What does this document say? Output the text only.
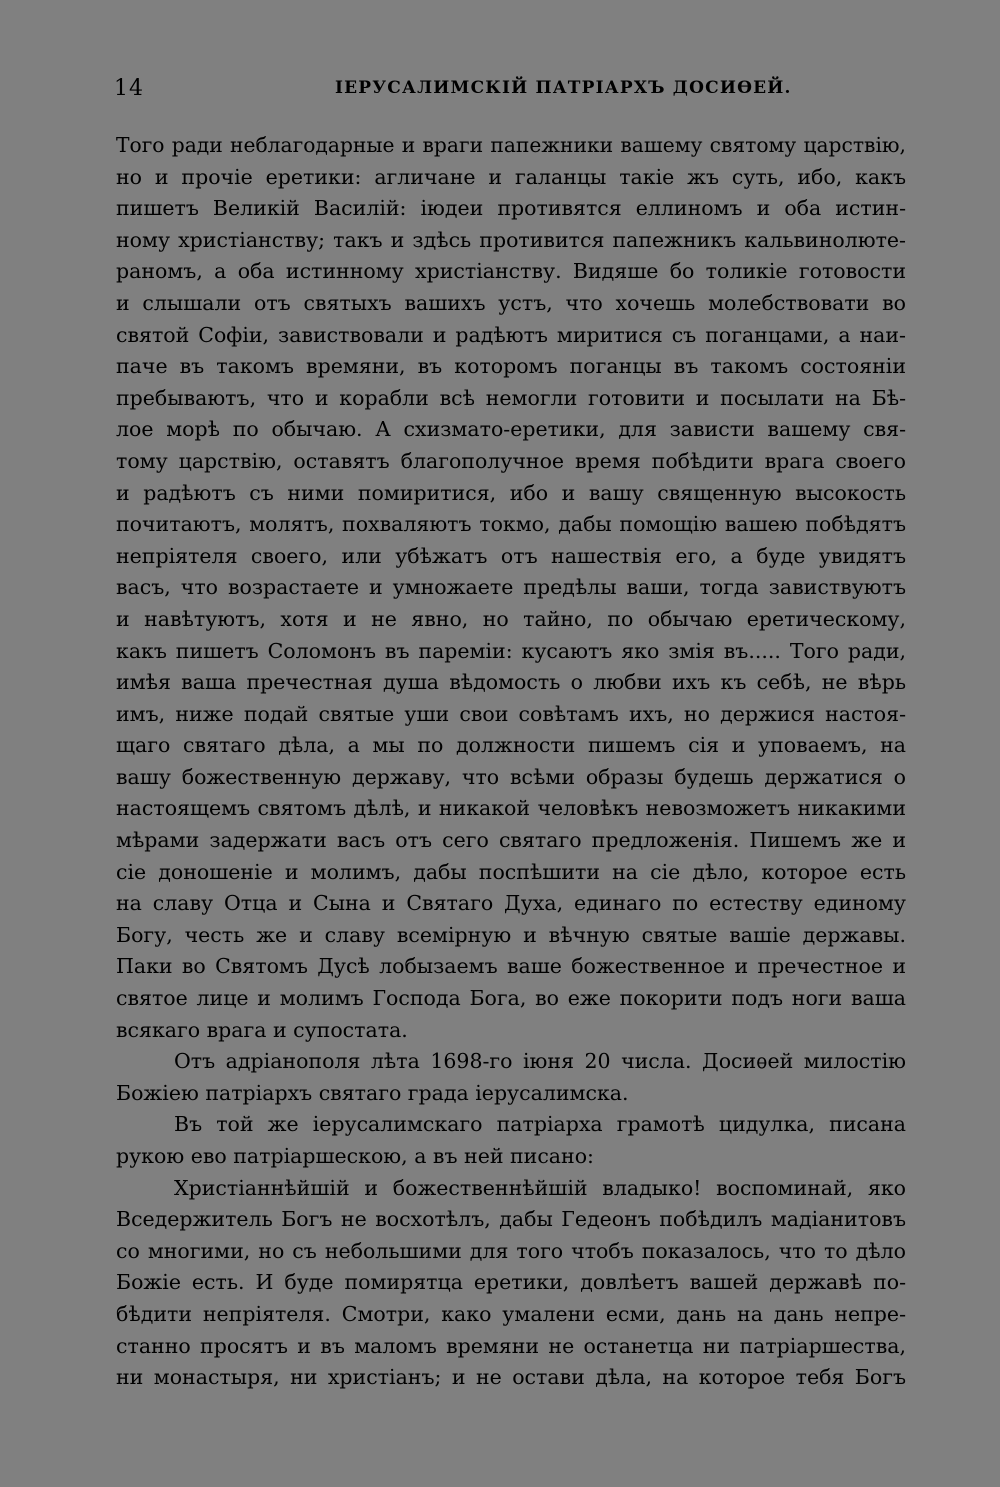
14	ІЕРУСАЛИМСКІЙ ПАТРІАРХЪ ДОСИѲЕЙ.
Того ради неблагодарные и враги папежники вашему святому царствію,
но и прочіе еретики: агличане и галанцы такіе жъ суть, ибо, какъ
пишетъ Великій Василій: іюдеи противятся еллиномъ и оба истин-
ному христіанству; такъ и здѣсь противится папежникъ кальвинолюте-
раномъ, а оба истинному христіанству. Видяше бо толикіе готовости
и слышали отъ святыхъ вашихъ устъ, что хочешь молебствовати во
святой Софіи, завиствовали и радѣютъ миритися съ поганцами, а наи-
паче въ такомъ времяни, въ которомъ поганцы въ такомъ состояніи
пребываютъ, что и корабли всѣ немогли готовити и посылати на Бѣ-
лое морѣ по обычаю. А схизмато-еретики, для зависти вашему свя-
тому царствію, оставятъ благополучное время побѣдити врага своего
и радѣютъ съ ними помиритися, ибо и вашу священную высокость
почитаютъ, молятъ, похваляютъ токмо, дабы помощію вашею побѣдятъ
непріятеля своего, или убѣжатъ отъ нашествія его, а буде увидятъ
васъ, что возрастаете и умножаете предѣлы ваши, тогда завиствуютъ
и навѣтуютъ, хотя и не явно, но тайно, по обычаю еретическому,
какъ пишетъ Соломонъ въ пареміи: кусаютъ яко змія въ..... Того ради,
имѣя ваша пречестная душа вѣдомость о любви ихъ къ себѣ, не вѣрь
имъ, ниже подай святые уши свои совѣтамъ ихъ, но держися настоя-
щаго святаго дѣла, а мы по должности пишемъ сія и уповаемъ, на
вашу божественную державу, что всѣми образы будешь держатися о
настоящемъ святомъ дѣлѣ, и никакой человѣкъ невозможетъ никакими
мѣрами задержати васъ отъ сего святаго предложенія. Пишемъ же и
сіе доношеніе и молимъ, дабы поспѣшити на сіе дѣло, которое есть
на славу Отца и Сына и Святаго Духа, единаго по естеству единому
Богу, честь же и славу всемірную и вѣчную святые вашіе державы.
Паки во Святомъ Дусѣ лобызаемъ ваше божественное и пречестное и
святое лице и молимъ Господа Бога, во еже покорити подъ ноги ваша
всякаго врага и супостата.
Отъ адріанополя лѣта 1698-го іюня 20 числа. Досиѳей милостію
Божіею патріархъ святаго града іерусалимска.
Въ той же іерусалимскаго патріарха грамотѣ цидулка, писана
рукою ево патріаршескою, а въ ней писано:
Христіаннѣйшій и божественнѣйшій владыко! воспоминай, яко
Вседержитель Богъ не восхотѣлъ, дабы Гедеонъ побѣдилъ мадіанитовъ
со многими, но съ небольшими для того чтобъ показалось, что то дѣло
Божіе есть. И буде помирятца еретики, довлѣетъ вашей державѣ по-
бѣдити непріятеля. Смотри, како умалени есми, дань на дань непре-
станно просятъ и въ маломъ времяни не останетца ни патріаршества,
ни монастыря, ни христіанъ; и не остави дѣла, на которое тебя Богъ
